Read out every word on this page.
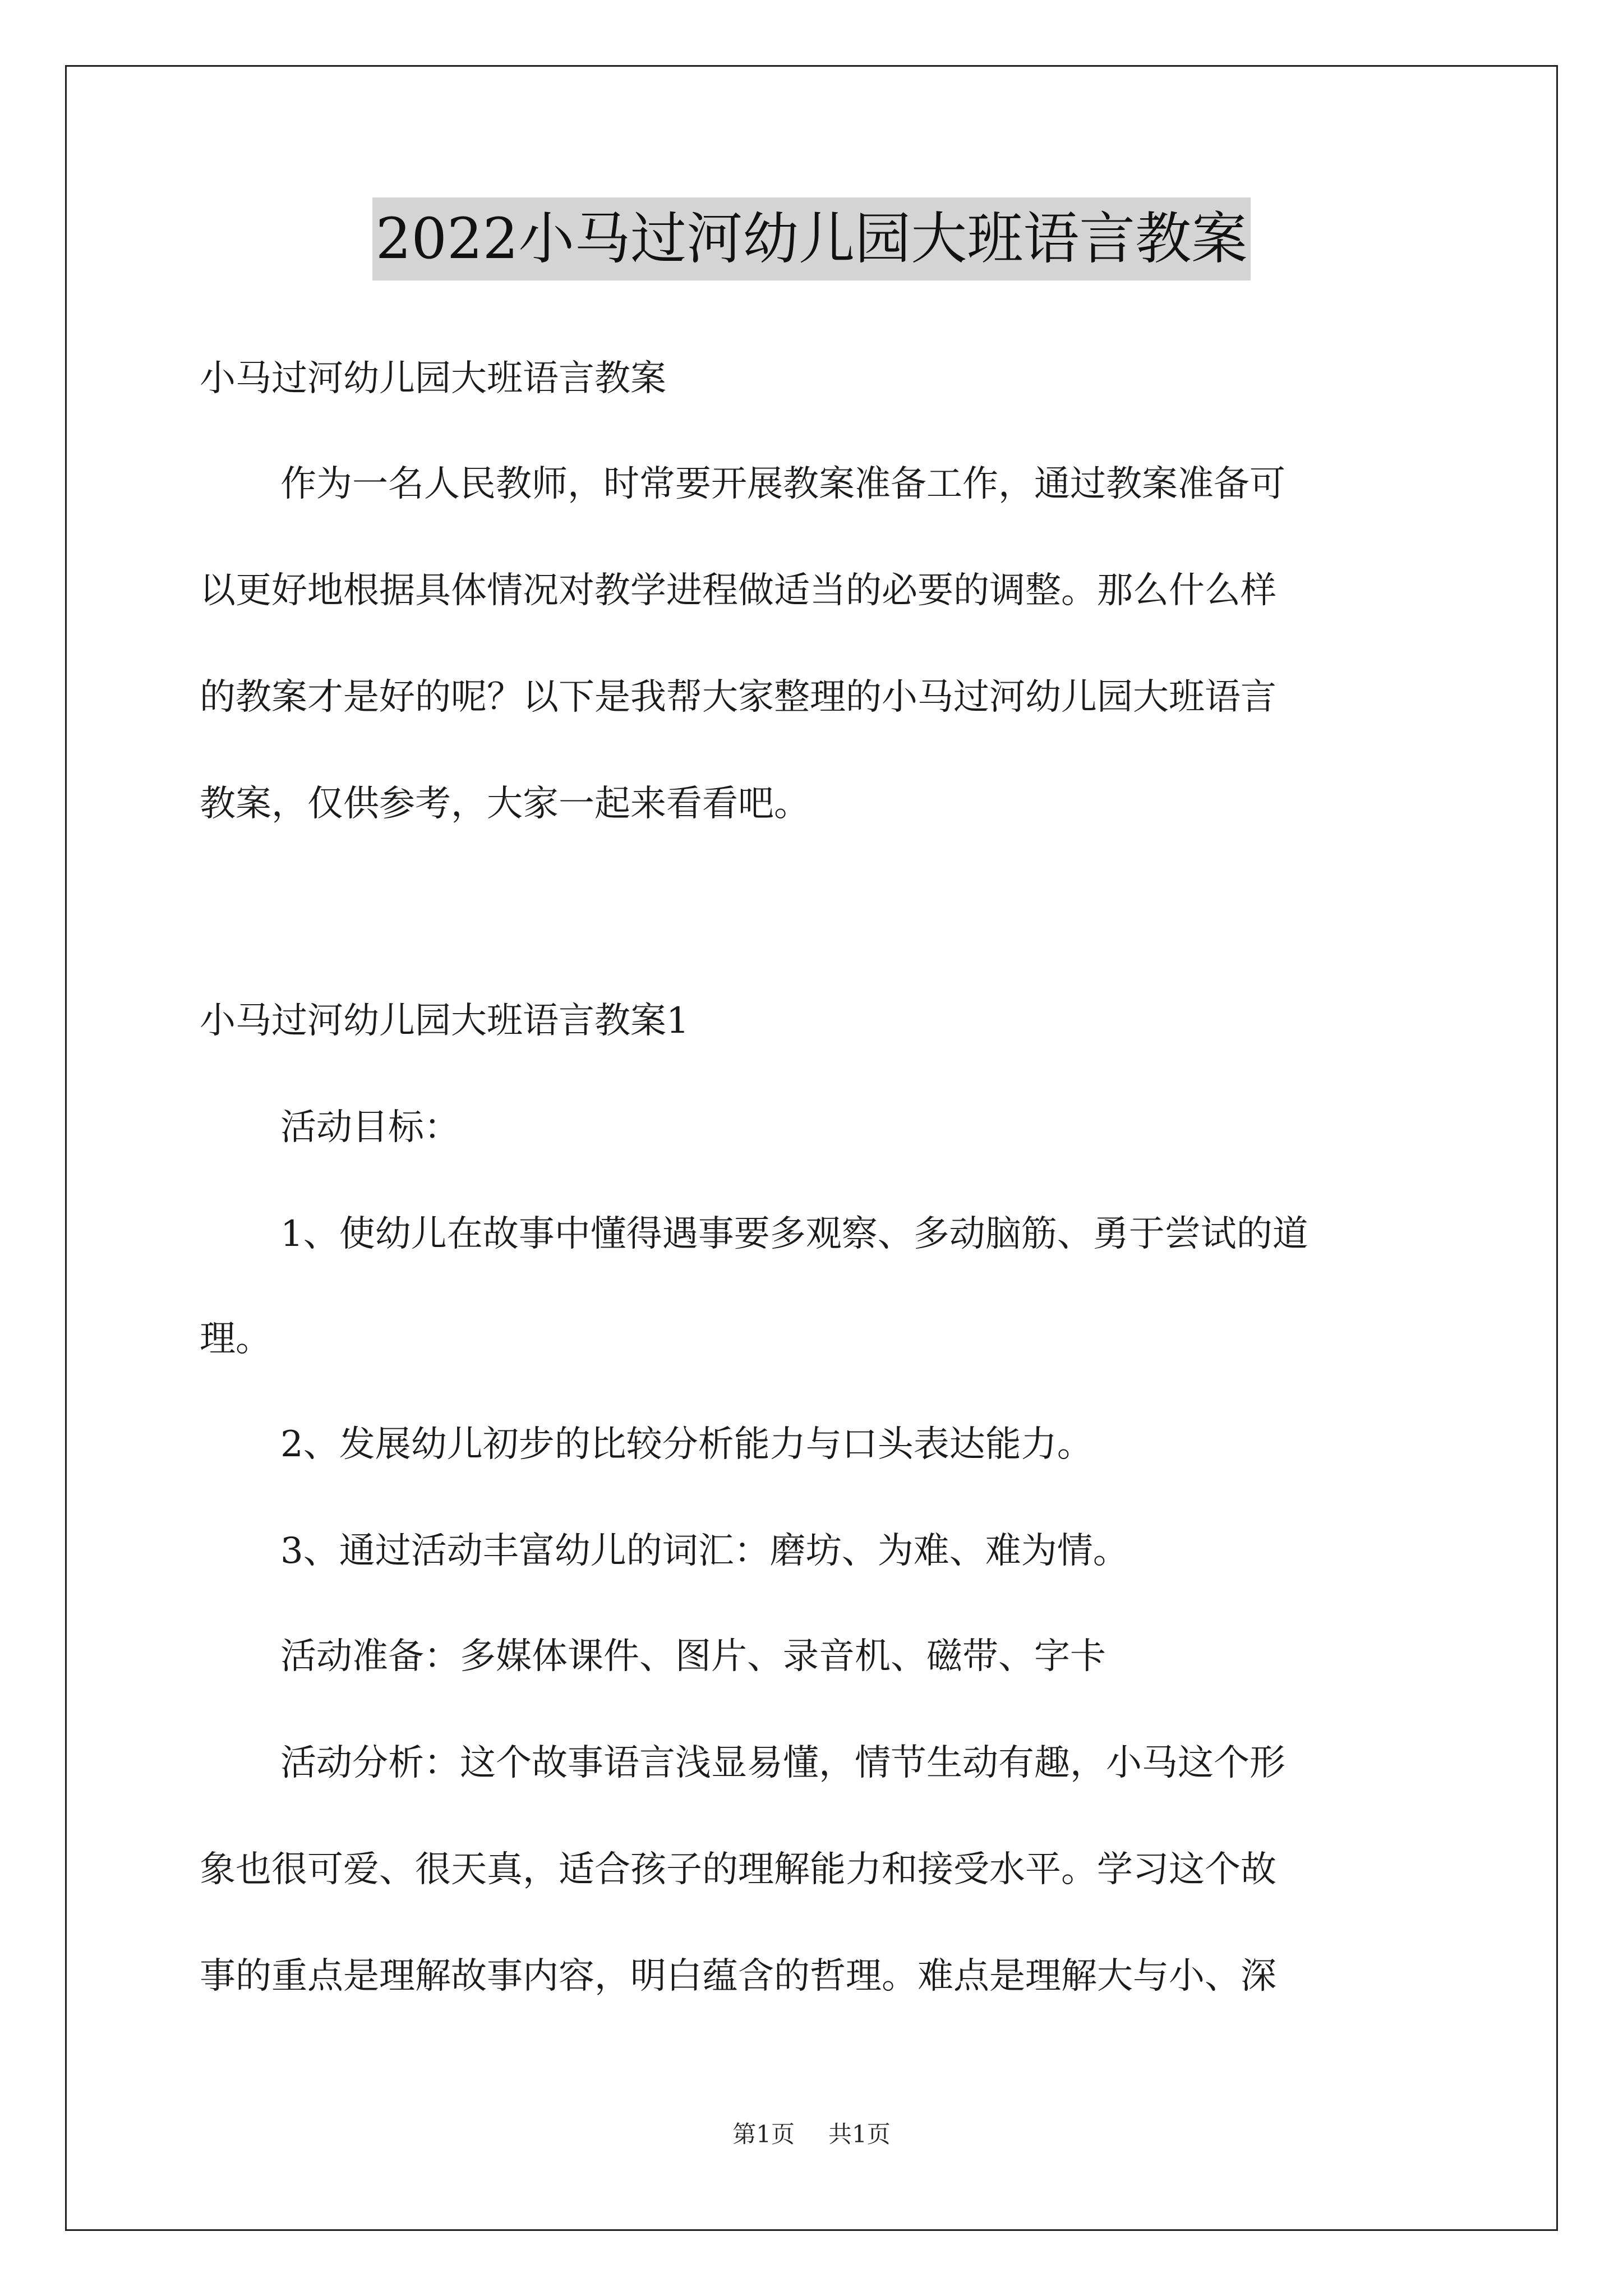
2022小马过河幼儿园大班语言教案
小马过河幼儿园大班语言教案
作为一名人民教师，时常要开展教案准备工作，通过教案准备可
以更好地根据具体情况对教学进程做适当的必要的调整。那么什么样
的教案才是好的呢？以下是我帮大家整理的小马过河幼儿园大班语言
教案，仅供参考，大家一起来看看吧。
小马过河幼儿园大班语言教案1
活动目标：
1、使幼儿在故事中懂得遇事要多观察、多动脑筋、勇于尝试的道
理。
2、发展幼儿初步的比较分析能力与口头表达能力。
3、通过活动丰富幼儿的词汇：磨坊、为难、难为情。
活动准备：多媒体课件、图片、录音机、磁带、字卡
活动分析：这个故事语言浅显易懂，情节生动有趣，小马这个形
象也很可爱、很天真，适合孩子的理解能力和接受水平。学习这个故
事的重点是理解故事内容，明白蕴含的哲理。难点是理解大与小、深
第1页 共1页
